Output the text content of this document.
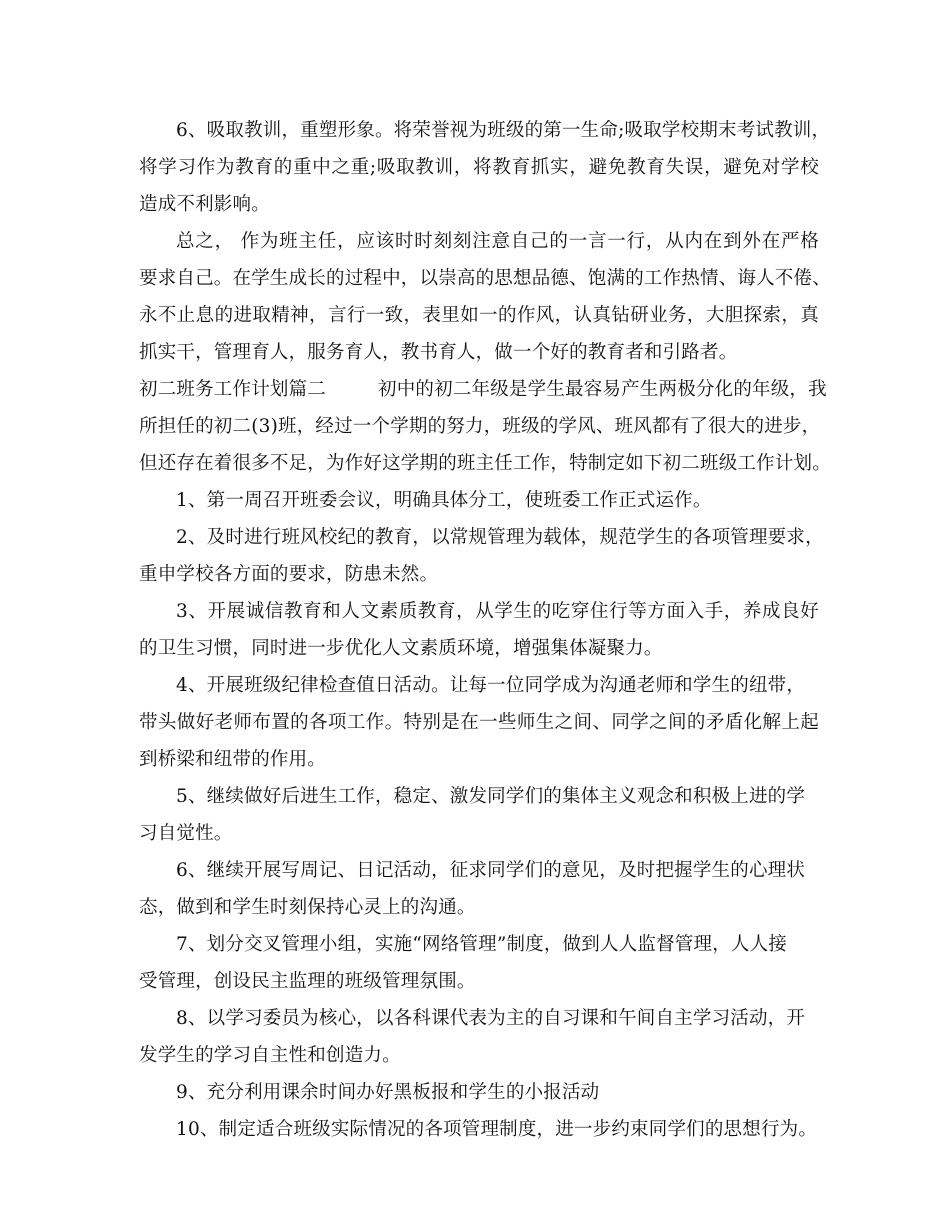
6、吸取教训，重塑形象。将荣誉视为班级的第一生命;吸取学校期末考试教训，
将学习作为教育的重中之重;吸取教训，将教育抓实，避免教育失误，避免对学校
造成不利影响。
总之， 作为班主任，应该时时刻刻注意自己的一言一行，从内在到外在严格
要求自己。在学生成长的过程中，以崇高的思想品德、饱满的工作热情、诲人不倦、
永不止息的进取精神，言行一致，表里如一的作风，认真钻研业务，大胆探索，真
抓实干，管理育人，服务育人，教书育人，做一个好的教育者和引路者。
初二班务工作计划篇二	初中的初二年级是学生最容易产生两极分化的年级，我
所担任的初二(3)班，经过一个学期的努力，班级的学风、班风都有了很大的进步，
但还存在着很多不足，为作好这学期的班主任工作，特制定如下初二班级工作计划。
1、第一周召开班委会议，明确具体分工，使班委工作正式运作。
2、及时进行班风校纪的教育，以常规管理为载体，规范学生的各项管理要求，
重申学校各方面的要求，防患未然。
3、开展诚信教育和人文素质教育，从学生的吃穿住行等方面入手，养成良好
的卫生习惯，同时进一步优化人文素质环境，增强集体凝聚力。
4、开展班级纪律检查值日活动。让每一位同学成为沟通老师和学生的纽带，
带头做好老师布置的各项工作。特别是在一些师生之间、同学之间的矛盾化解上起
到桥梁和纽带的作用。
5、继续做好后进生工作，稳定、激发同学们的集体主义观念和积极上进的学
习自觉性。
6、继续开展写周记、日记活动，征求同学们的意见，及时把握学生的心理状
态，做到和学生时刻保持心灵上的沟通。
7、划分交叉管理小组，实施“网络管理”制度，做到人人监督管理，人人接
受管理，创设民主监理的班级管理氛围。
8、以学习委员为核心，以各科课代表为主的自习课和午间自主学习活动，开
发学生的学习自主性和创造力。
9、充分利用课余时间办好黑板报和学生的小报活动
10、制定适合班级实际情况的各项管理制度，进一步约束同学们的思想行为。
